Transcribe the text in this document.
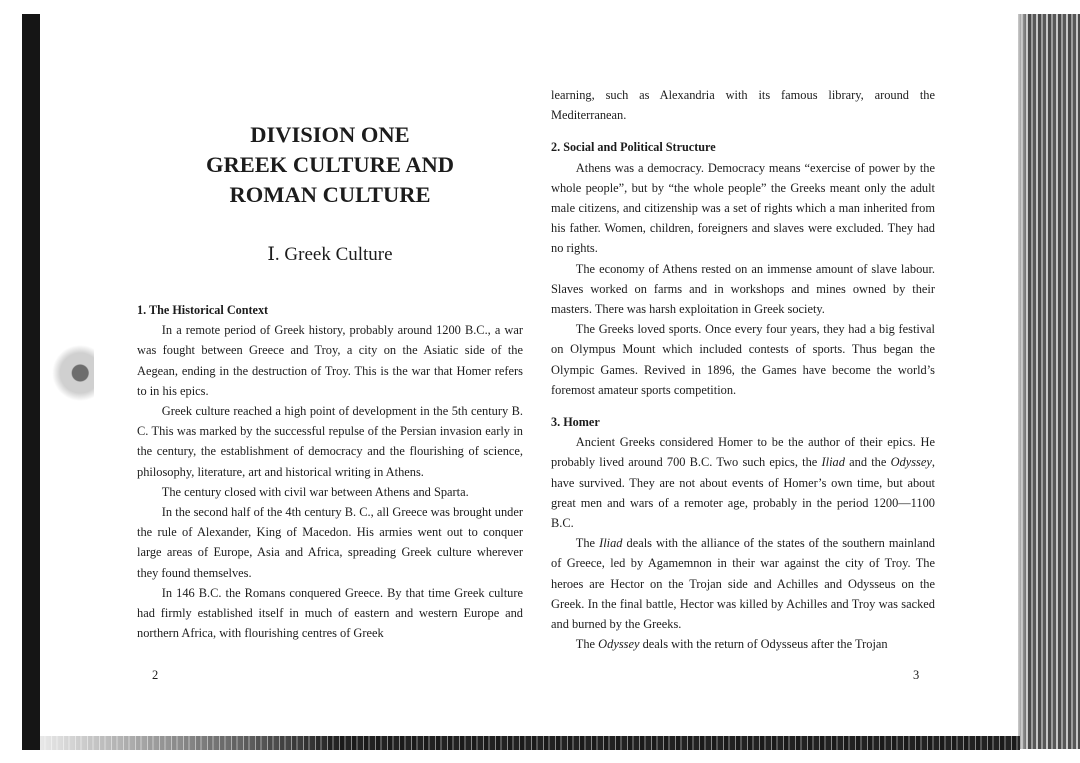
DIVISION ONE
GREEK CULTURE AND
ROMAN CULTURE
Ⅰ. Greek Culture

1. The Historical Context

In a remote period of Greek history, probably around 1200 B.C., a war was fought between Greece and Troy, a city on the Asiatic side of the Aegean, ending in the destruction of Troy. This is the war that Homer refers to in his epics.

Greek culture reached a high point of development in the 5th century B. C. This was marked by the successful repulse of the Persian invasion early in the century, the establishment of democracy and the flourishing of science, philosophy, literature, art and historical writing in Athens.

The century closed with civil war between Athens and Sparta.

In the second half of the 4th century B. C., all Greece was brought under the rule of Alexander, King of Macedon. His armies went out to conquer large areas of Europe, Asia and Africa, spreading Greek culture wherever they found themselves.

In 146 B.C. the Romans conquered Greece. By that time Greek culture had firmly established itself in much of eastern and western Europe and northern Africa, with flourishing centres of Greek

learning, such as Alexandria with its famous library, around the Mediterranean.

2. Social and Political Structure

Athens was a democracy. Democracy means “exercise of power by the whole people”, but by “the whole people” the Greeks meant only the adult male citizens, and citizenship was a set of rights which a man inherited from his father. Women, children, foreigners and slaves were excluded. They had no rights.

The economy of Athens rested on an immense amount of slave labour. Slaves worked on farms and in workshops and mines owned by their masters. There was harsh exploitation in Greek society.

The Greeks loved sports. Once every four years, they had a big festival on Olympus Mount which included contests of sports. Thus began the Olympic Games. Revived in 1896, the Games have become the world’s foremost amateur sports competition.

3. Homer

Ancient Greeks considered Homer to be the author of their epics. He probably lived around 700 B.C. Two such epics, the Iliad and the Odyssey, have survived. They are not about events of Homer’s own time, but about great men and wars of a remoter age, probably in the period 1200—1100 B.C.

The Iliad deals with the alliance of the states of the southern mainland of Greece, led by Agamemnon in their war against the city of Troy. The heroes are Hector on the Trojan side and Achilles and Odysseus on the Greek. In the final battle, Hector was killed by Achilles and Troy was sacked and burned by the Greeks.

The Odyssey deals with the return of Odysseus after the Trojan

2	3
